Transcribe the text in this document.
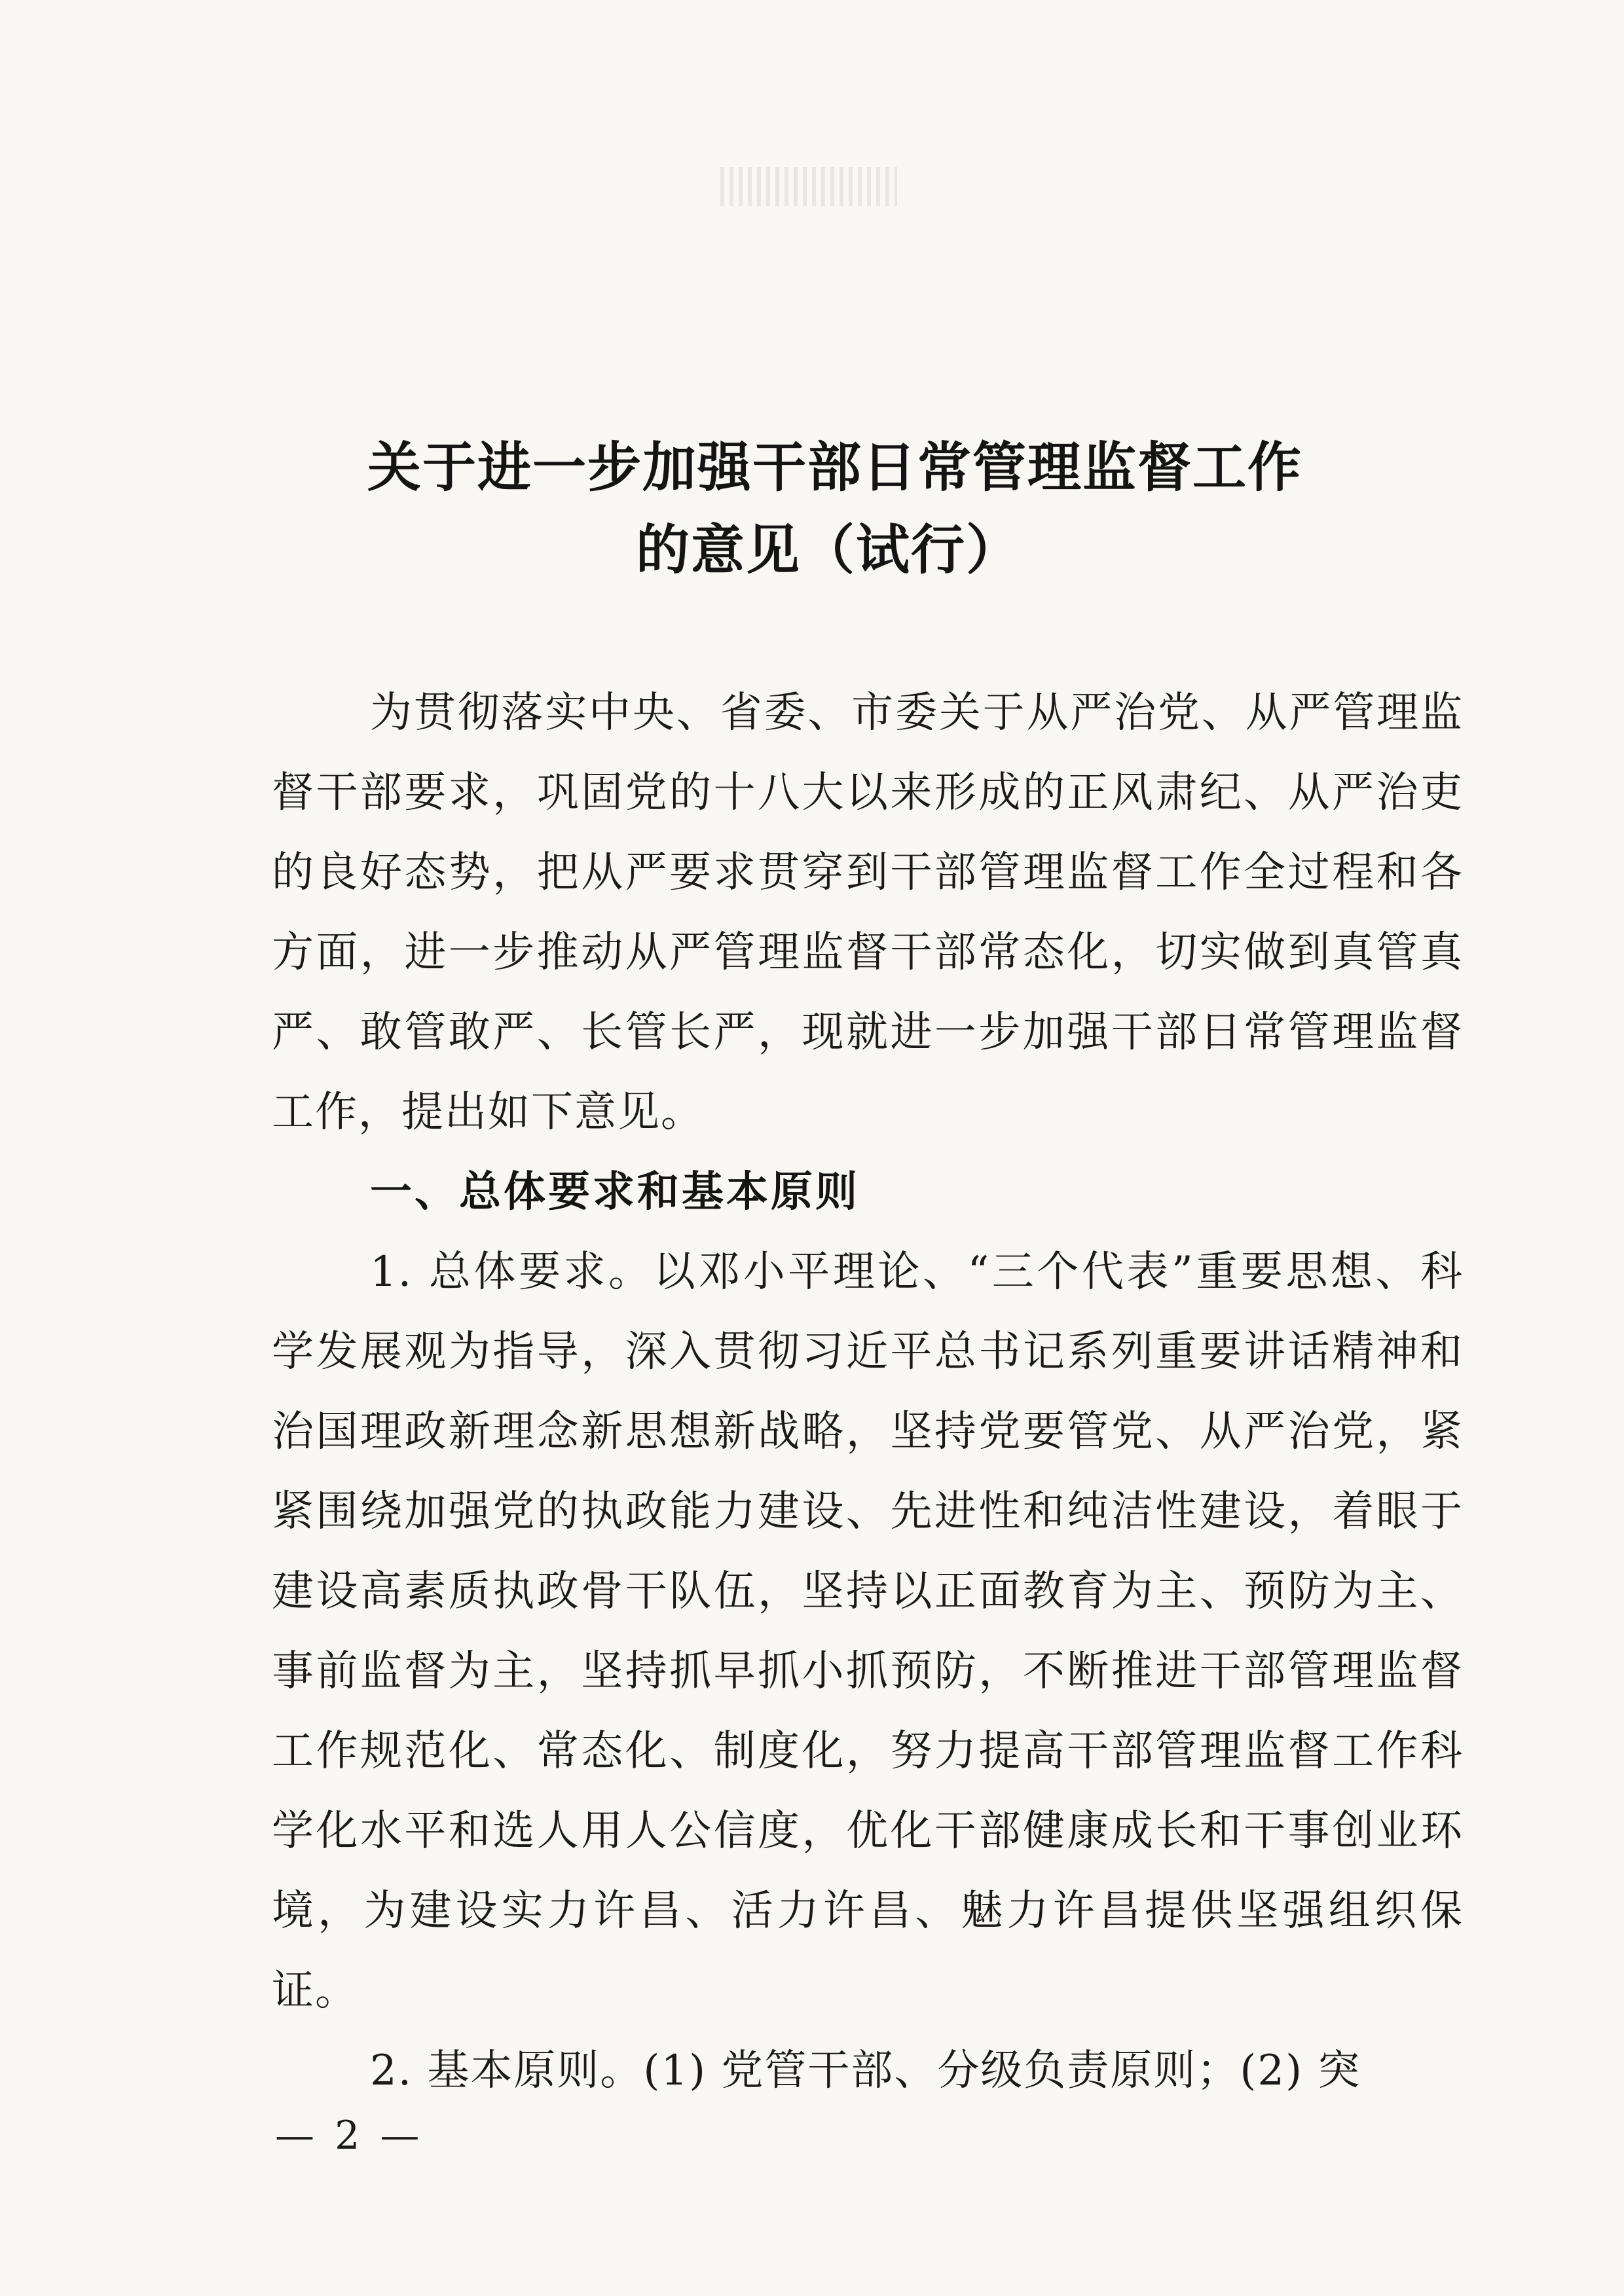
关于进一步加强干部日常管理监督工作
的意见（试行）

为贯彻落实中央、省委、市委关于从严治党、从严管理监督干部要求，巩固党的十八大以来形成的正风肃纪、从严治吏的良好态势，把从严要求贯穿到干部管理监督工作全过程和各方面，进一步推动从严管理监督干部常态化，切实做到真管真严、敢管敢严、长管长严，现就进一步加强干部日常管理监督工作，提出如下意见。

一、总体要求和基本原则

1. 总体要求。以邓小平理论、“三个代表”重要思想、科学发展观为指导，深入贯彻习近平总书记系列重要讲话精神和治国理政新理念新思想新战略，坚持党要管党、从严治党，紧紧围绕加强党的执政能力建设、先进性和纯洁性建设，着眼于建设高素质执政骨干队伍，坚持以正面教育为主、预防为主、事前监督为主，坚持抓早抓小抓预防，不断推进干部管理监督工作规范化、常态化、制度化，努力提高干部管理监督工作科学化水平和选人用人公信度，优化干部健康成长和干事创业环境，为建设实力许昌、活力许昌、魅力许昌提供坚强组织保证。

2. 基本原则。(1) 党管干部、分级负责原则；(2) 突

— 2 —
